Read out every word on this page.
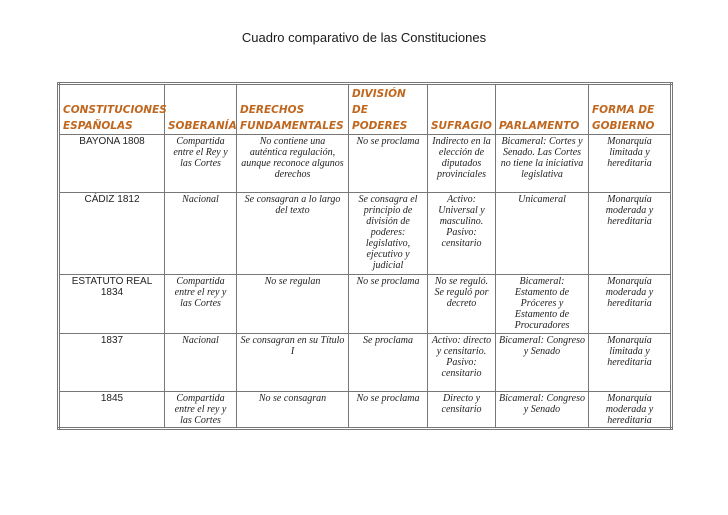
Cuadro comparativo de las Constituciones
CONSTITUCIONES ESPAÑOLAS	SOBERANÍA	DERECHOS FUNDAMENTALES	DIVISIÓN DE PODERES	SUFRAGIO	PARLAMENTO	FORMA DE GOBIERNO
BAYONA 1808	Compartida entre el Rey y las Cortes	No contiene una auténtica regulación, aunque reconoce algunos derechos	No se proclama	Indirecto en la elección de diputados provinciales	Bicameral: Cortes y Senado. Las Cortes no tiene la iniciativa legislativa	Monarquía limitada y hereditaria
CÁDIZ 1812	Nacional	Se consagran a lo largo del texto	Se consagra el principio de división de poderes: legislativo, ejecutivo y judicial	Activo: Universal y masculino. Pasivo: censitario	Unicameral	Monarquía moderada y hereditaria
ESTATUTO REAL 1834	Compartida entre el rey y las Cortes	No se regulan	No se proclama	No se reguló. Se reguló por decreto	Bicameral: Estamento de Próceres y Estamento de Procuradores	Monarquía moderada y hereditaria
1837	Nacional	Se consagran en su Título I	Se proclama	Activo: directo y censitario. Pasivo: censitario	Bicameral: Congreso y Senado	Monarquía limitada y hereditaria
1845	Compartida entre el rey y las Cortes	No se consagran	No se proclama	Directo y censitario	Bicameral: Congreso y Senado	Monarquía moderada y hereditaria
